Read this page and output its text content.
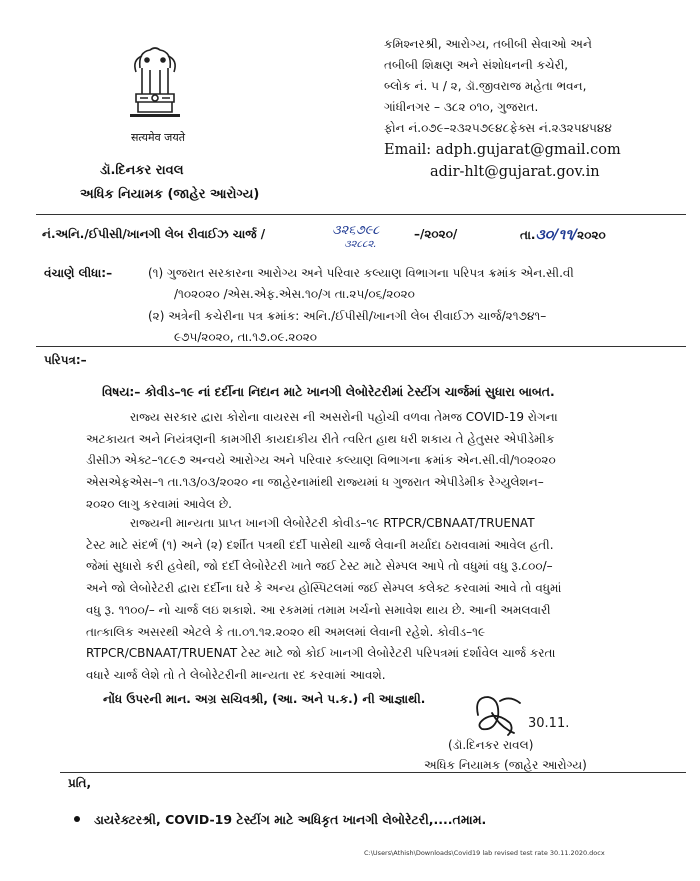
सत्यमेव जयते
ડૉ.દિનકર રાવલ
અધિક નિયામક (જાહેર આરોગ્ય)
કમિશ્નરશ્રી, આરોગ્ય, તબીબી સેવાઓ અને
તબીબી શિક્ષણ અને સંશોધનની કચેરી,
બ્લોક નં. ૫ / ૨, ડૉ.જીવરાજ મહેતા ભવન,
ગાંધીનગર – ૩૮૨ ૦૧૦, ગુજરાત.
ફોન નં.૦૭૯–૨૩૨૫૭૯૪૮ફેક્સ નં.૨૩૨૫૪૫૪૪
Email: adph.gujarat@gmail.com
adir-hlt@gujarat.gov.in
નં.અનિ./ઈપીસી/ખાનગી લેબ રીવાઈઝ ચાર્જ /	૩૨૬૭૯૮
૩૨૮૮૨.
–/૨૦૨૦/	તા.૩૦/૧૧/૨૦૨૦
વંચાણે લીધા:–	(૧) ગુજરાત સરકારના આરોગ્ય અને પરિવાર કલ્યાણ વિભાગના પરિપત્ર ક્રમાંક એન.સી.વી
/૧૦૨૦૨૦ /એસ.એફ.એસ.૧૦/ગ તા.૨૫/૦૬/૨૦૨૦
(૨) અત્રેની કચેરીના પત્ર ક્રમાંક: અનિ./ઈપીસી/ખાનગી લેબ રીવાઈઝ ચાર્જ/૨૧૭૪૧–
૯૭૫/૨૦૨૦, તા.૧૭.૦૯.૨૦૨૦
પરિપત્ર:–
વિષય:– કોવીડ–૧૯ નાં દર્દીના નિદાન માટે ખાનગી લેબોરેટરીમાં ટેસ્ટીંગ ચાર્જમાં સુધારા બાબત.
રાજ્ય સરકાર દ્વારા કોરોના વાયરસ ની અસરોની પહોચી વળવા તેમજ COVID-19 રોગના
અટકાયત અને નિયંત્રણની કામગીરી કાયદાકીય રીતે ત્વરિત હાથ ધરી શકાય તે હેતુસર એપીડેમીક
ડીસીઝ એક્ટ–૧૮૯૭ અન્વયે આરોગ્ય અને પરિવાર કલ્યાણ વિભાગના ક્રમાંક એન.સી.વી/૧૦૨૦૨૦
એસએફએસ–૧ તા.૧૩/૦૩/૨૦૨૦ ના જાહેરનામાંથી રાજ્યમાં ધ ગુજરાત એપીડેમીક રેગ્યુલેશન–
૨૦૨૦ લાગુ કરવામાં આવેલ છે.
રાજ્યની માન્યતા પ્રાપ્ત ખાનગી લેબોરેટરી કોવીડ–૧૯ RTPCR/CBNAAT/TRUENAT
ટેસ્ટ માટે સંદર્ભ (૧) અને (૨) દર્શીત પત્રથી દર્દી પાસેથી ચાર્જ લેવાની મર્યાદા ઠરાવવામાં આવેલ હતી.
જેમાં સુધારો કરી હવેથી, જો દર્દી લેબોરેટરી ખાતે જઈ ટેસ્ટ માટે સેમ્પલ આપે તો વધુમાં વધુ રૂ.૮૦૦/–
અને જો લેબોરેટરી દ્વારા દર્દીના ઘરે કે અન્ય હોસ્પિટલમાં જઈ સેમ્પલ કલેક્ટ કરવામાં આવે તો વધુમાં
વધુ રૂ. ૧૧૦૦/– નો ચાર્જ લઇ શકાશે. આ રકમમાં તમામ ખર્ચનો સમાવેશ થાય છે. આની અમલવારી
તાત્કાલિક અસરથી એટલે કે તા.૦૧.૧૨.૨૦૨૦ થી અમલમાં લેવાની રહેશે. કોવીડ–૧૯
RTPCR/CBNAAT/TRUENAT ટેસ્ટ માટે જો કોઈ ખાનગી લેબોરેટરી પરિપત્રમાં દર્શાવેલ ચાર્જ કરતા
વધારે ચાર્જ લેશે તો તે લેબોરેટરીની માન્યતા રદ કરવામાં આવશે.
નોંધ ઉપરની માન. અગ્ર સચિવશ્રી, (આ. અને પ.ક.) ની આજ્ઞાથી.
30.11.
(ડૉ.દિનકર રાવલ)
અધિક નિયામક (જાહેર આરોગ્ય)
પ્રતિ,
ડાયરેક્ટરશ્રી, COVID-19 ટેસ્ટીંગ માટે અધિકૃત ખાનગી લેબોરેટરી,....તમામ.
C:\Users\Athish\Downloads\Covid19 lab revised test rate 30.11.2020.docx
